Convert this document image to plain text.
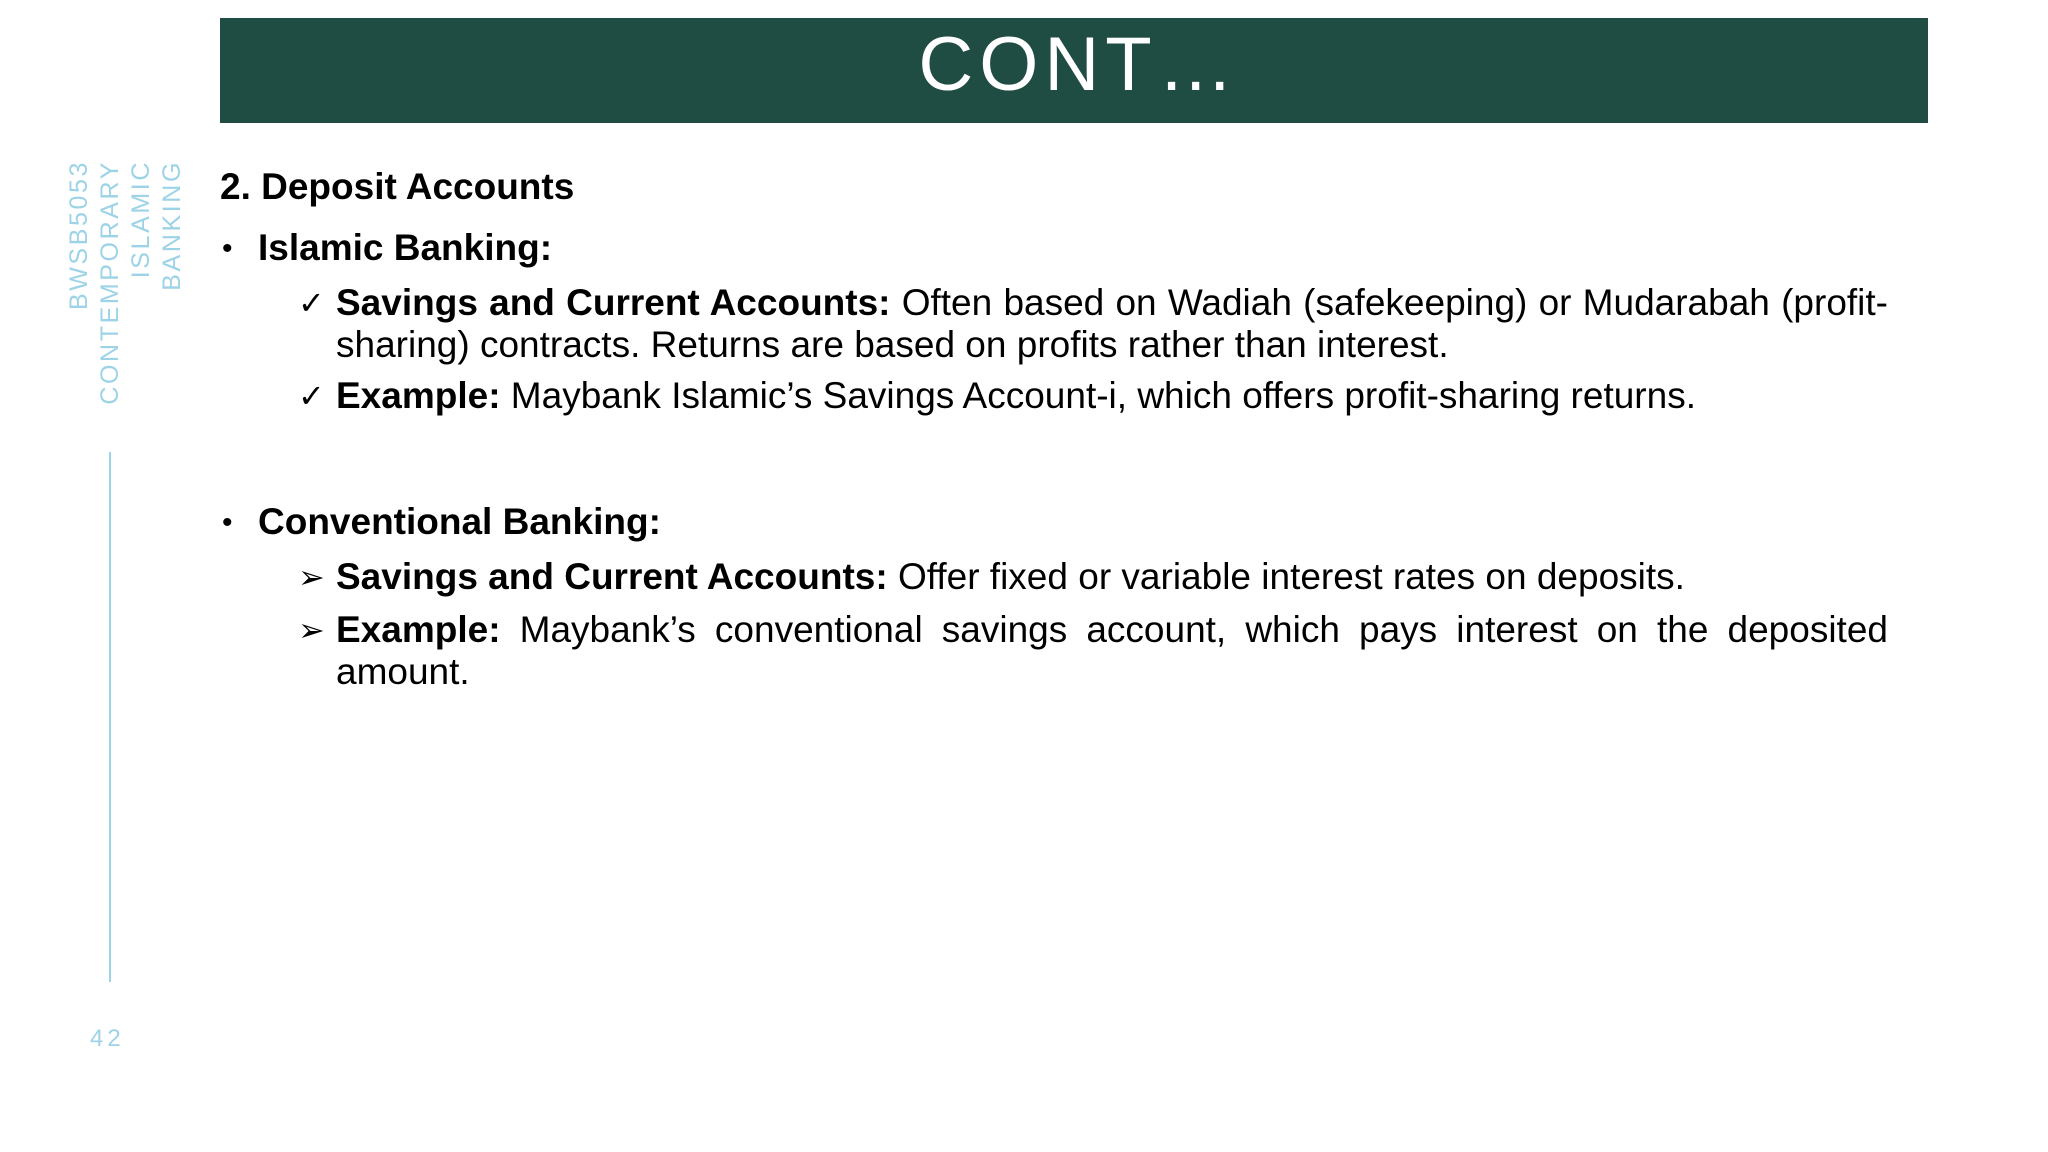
CONT…
BWSB5053 CONTEMPORARY ISLAMIC BANKING
42
2. Deposit Accounts
• Islamic Banking:
✓ Savings and Current Accounts: Often based on Wadiah (safekeeping) or Mudarabah (profit-sharing) contracts. Returns are based on profits rather than interest.
✓ Example: Maybank Islamic’s Savings Account-i, which offers profit-sharing returns.
• Conventional Banking:
➢ Savings and Current Accounts: Offer fixed or variable interest rates on deposits.
➢ Example: Maybank’s conventional savings account, which pays interest on the deposited amount.
